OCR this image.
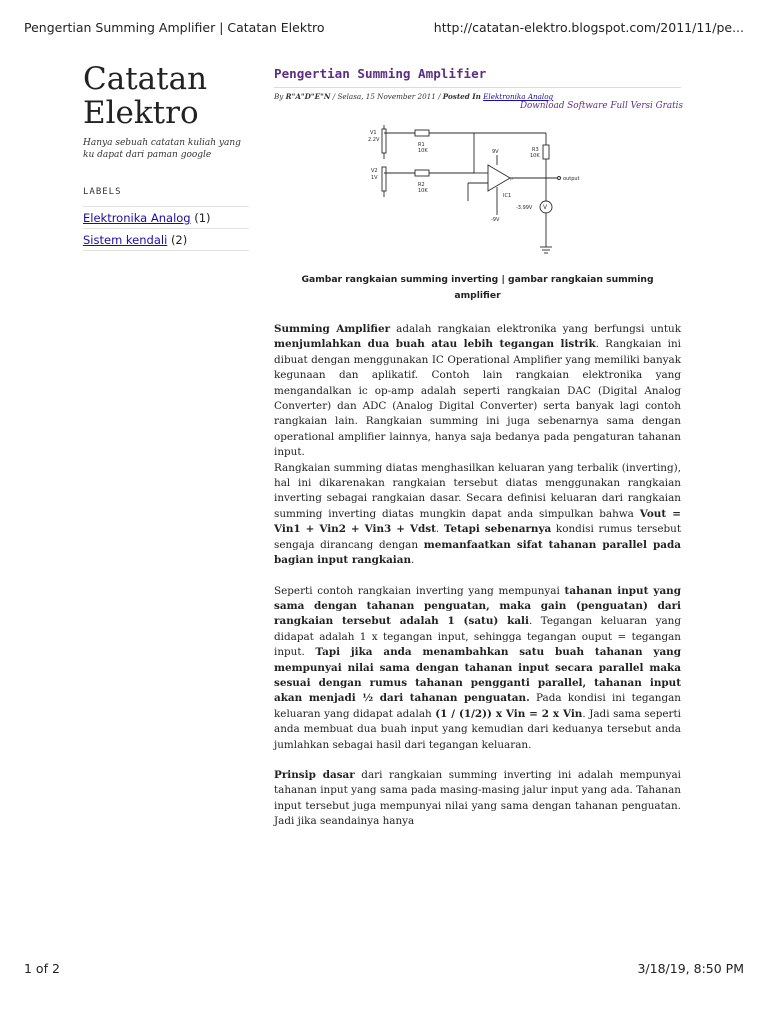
Pengertian Summing Amplifier | Catatan Elektro	http://catatan-elektro.blogspot.com/2011/11/pe...
Catatan
Elektro
Hanya sebuah catatan kuliah yang ku dapat dari paman google
LABELS
Elektronika Analog (1)
Sistem kendali (2)
Pengertian Summing Amplifier
By R"A"D"E"N / Selasa, 15 November 2011 / Posted In Elektronika Analog
Download Software Full Versi Gratis
▷
V1
2.2V
R1
10K
V2
1V
R2
10K
R3
10K
9V
-9V
IC1
output
-3.99V V
Gambar rangkaian summing inverting | gambar rangkaian summing amplifier

Summing Amplifier adalah rangkaian elektronika yang berfungsi untuk menjumlahkan dua buah atau lebih tegangan listrik. Rangkaian ini dibuat dengan menggunakan IC Operational Amplifier yang memiliki banyak kegunaan dan aplikatif. Contoh lain rangkaian elektronika yang mengandalkan ic op-amp adalah seperti rangkaian DAC (Digital Analog Converter) dan ADC (Analog Digital Converter) serta banyak lagi contoh rangkaian lain. Rangkaian summing ini juga sebenarnya sama dengan operational amplifier lainnya, hanya saja bedanya pada pengaturan tahanan input.

Rangkaian summing diatas menghasilkan keluaran yang terbalik (inverting), hal ini dikarenakan rangkaian tersebut diatas menggunakan rangkaian inverting sebagai rangkaian dasar. Secara definisi keluaran dari rangkaian summing inverting diatas mungkin dapat anda simpulkan bahwa Vout = Vin1 + Vin2 + Vin3 + Vdst. Tetapi sebenarnya kondisi rumus tersebut sengaja dirancang dengan memanfaatkan sifat tahanan parallel pada bagian input rangkaian.

Seperti contoh rangkaian inverting yang mempunyai tahanan input yang sama dengan tahanan penguatan, maka gain (penguatan) dari rangkaian tersebut adalah 1 (satu) kali. Tegangan keluaran yang didapat adalah 1 x tegangan input, sehingga tegangan ouput = tegangan input. Tapi jika anda menambahkan satu buah tahanan yang mempunyai nilai sama dengan tahanan input secara parallel maka sesuai dengan rumus tahanan pengganti parallel, tahanan input akan menjadi ½ dari tahanan penguatan. Pada kondisi ini tegangan keluaran yang didapat adalah (1 / (1/2)) x Vin = 2 x Vin. Jadi sama seperti anda membuat dua buah input yang kemudian dari keduanya tersebut anda jumlahkan sebagai hasil dari tegangan keluaran.

Prinsip dasar dari rangkaian summing inverting ini adalah mempunyai tahanan input yang sama pada masing-masing jalur input yang ada. Tahanan input tersebut juga mempunyai nilai yang sama dengan tahanan penguatan. Jadi jika seandainya hanya

1 of 2	3/18/19, 8:50 PM
